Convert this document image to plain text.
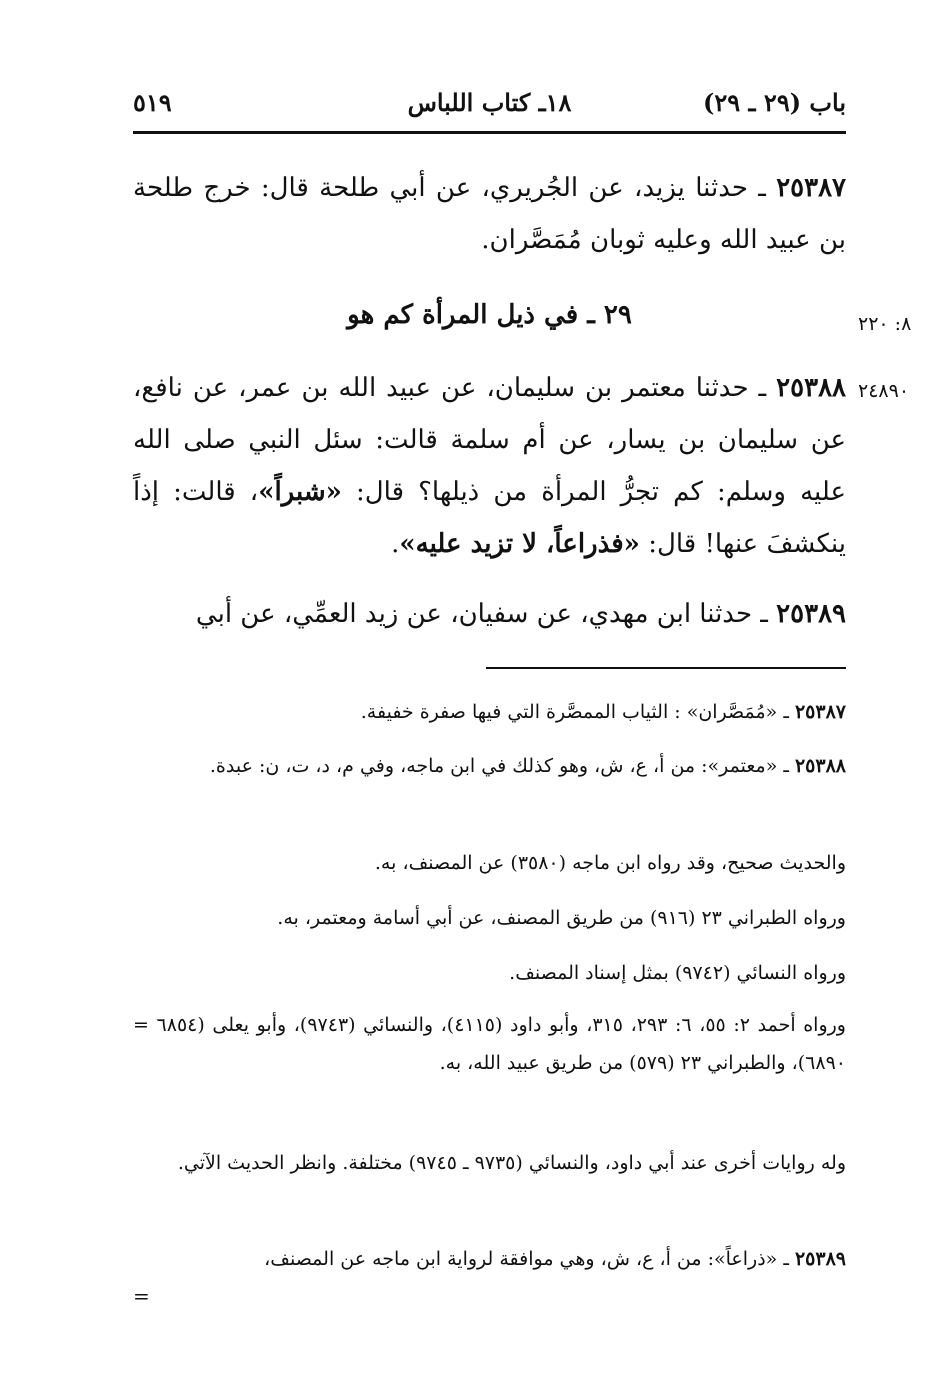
باب (٢٩ ـ ٢٩)
١٨ـ كتاب اللباس
٥١٩
٢٥٣٨٧ ـ حدثنا يزيد، عن الجُريري، عن أبي طلحة قال: خرج طلحة بن عبيد الله وعليه ثوبان مُمَصَّران.
٢٩ ـ في ذيل المرأة كم هو	٨: ٢٢٠
٢٤٨٩٠
٢٥٣٨٨ ـ حدثنا معتمر بن سليمان، عن عبيد الله بن عمر، عن نافع، عن سليمان بن يسار، عن أم سلمة قالت: سئل النبي صلى الله عليه وسلم: كم تجرُّ المرأة من ذيلها؟ قال: «شبراً»، قالت: إذاً ينكشفَ عنها! قال: «فذراعاً، لا تزيد عليه».
٢٥٣٨٩ ـ حدثنا ابن مهدي، عن سفيان، عن زيد العمِّي، عن أبي
٢٥٣٨٧ ـ «مُمَصَّران» : الثياب الممصَّرة التي فيها صفرة خفيفة.
٢٥٣٨٨ ـ «معتمر»: من أ، ع، ش، وهو كذلك في ابن ماجه، وفي م، د، ت، ن: عبدة.
والحديث صحيح، وقد رواه ابن ماجه (٣٥٨٠) عن المصنف، به.
ورواه الطبراني ٢٣ (٩١٦) من طريق المصنف، عن أبي أسامة ومعتمر، به.
ورواه النسائي (٩٧٤٢) بمثل إسناد المصنف.
ورواه أحمد ٢: ٥٥، ٦: ٢٩٣، ٣١٥، وأبو داود (٤١١٥)، والنسائي (٩٧٤٣)، وأبو يعلى (٦٨٥٤ = ٦٨٩٠)، والطبراني ٢٣ (٥٧٩) من طريق عبيد الله، به.
وله روايات أخرى عند أبي داود، والنسائي (٩٧٣٥ ـ ٩٧٤٥) مختلفة. وانظر الحديث الآتي.
٢٥٣٨٩ ـ «ذراعاً»: من أ، ع، ش، وهي موافقة لرواية ابن ماجه عن المصنف،
=
